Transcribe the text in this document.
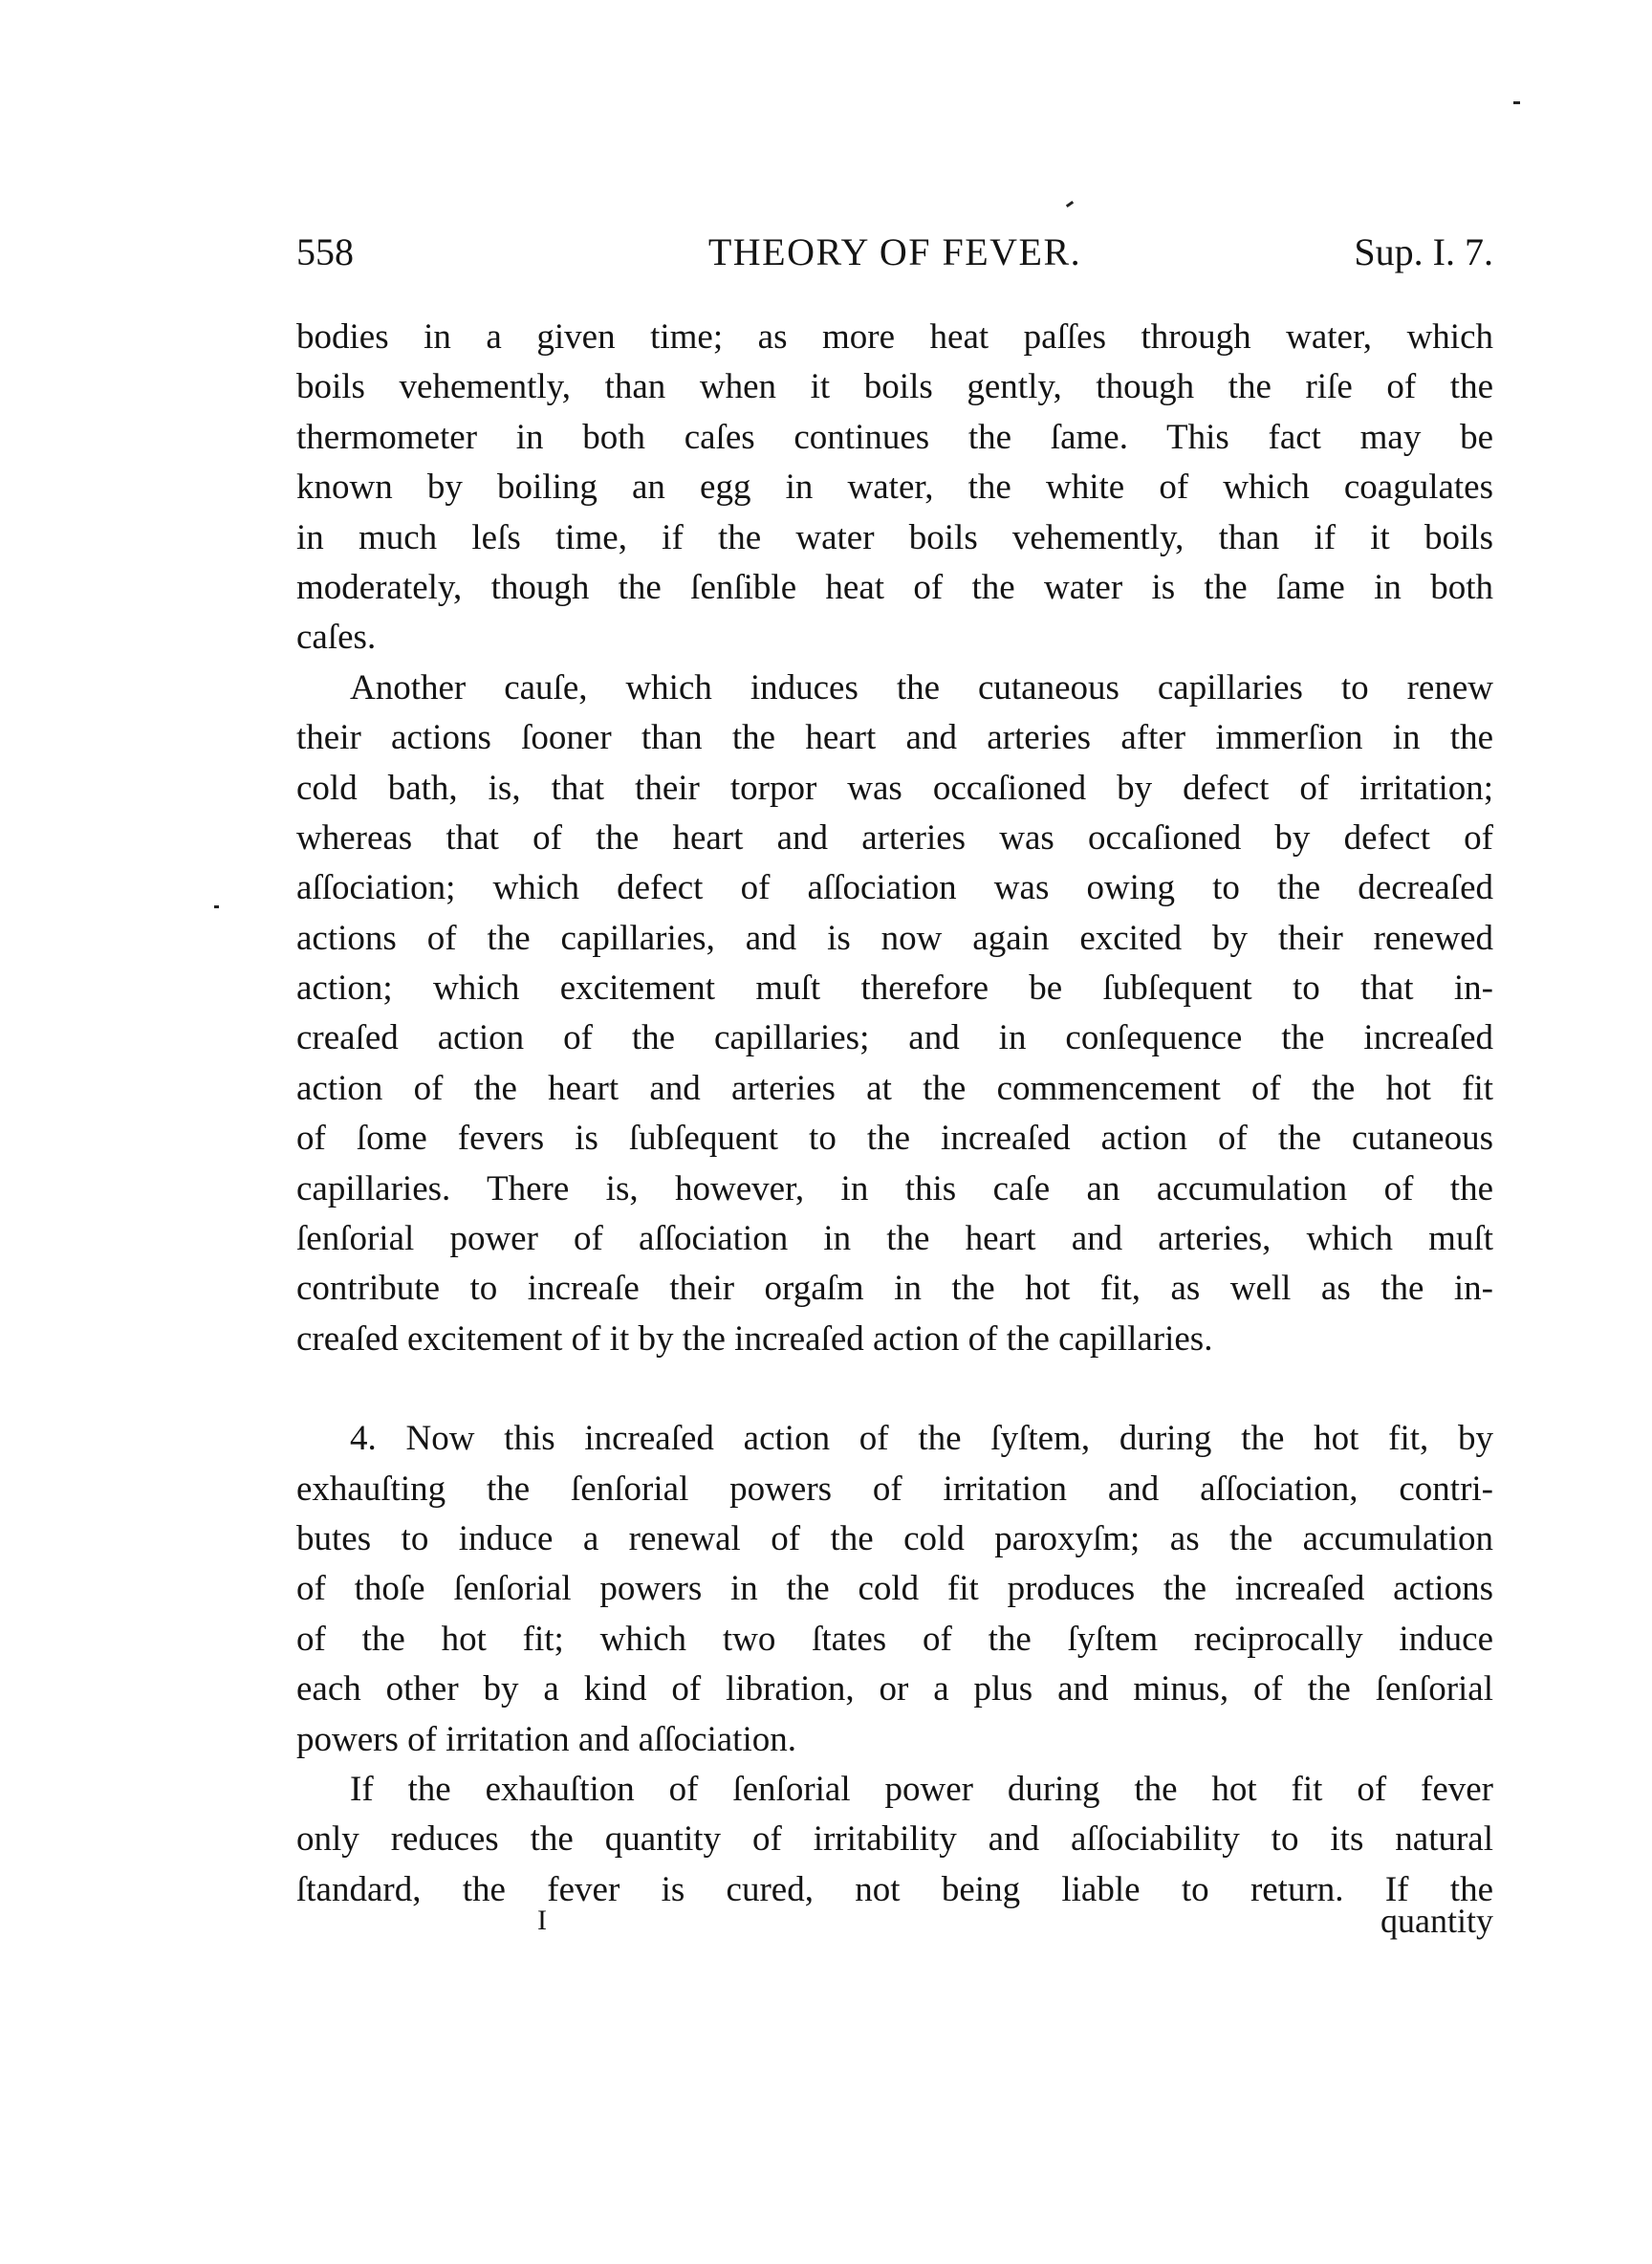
558	THEORY OF FEVER.	Sup. I. 7.
bodies in a given time; as more heat paſſes through water, which
boils vehemently, than when it boils gently, though the riſe of the
thermometer in both caſes continues the ſame. This fact may be
known by boiling an egg in water, the white of which coagulates
in much leſs time, if the water boils vehemently, than if it boils
moderately, though the ſenſible heat of the water is the ſame in both
caſes.
Another cauſe, which induces the cutaneous capillaries to renew
their actions ſooner than the heart and arteries after immerſion in the
cold bath, is, that their torpor was occaſioned by defect of irritation;
whereas that of the heart and arteries was occaſioned by defect of
aſſociation; which defect of aſſociation was owing to the decreaſed
actions of the capillaries, and is now again excited by their renewed
action; which excitement muſt therefore be ſubſequent to that in-
creaſed action of the capillaries; and in conſequence the increaſed
action of the heart and arteries at the commencement of the hot fit
of ſome fevers is ſubſequent to the increaſed action of the cutaneous
capillaries. There is, however, in this caſe an accumulation of the
ſenſorial power of aſſociation in the heart and arteries, which muſt
contribute to increaſe their orgaſm in the hot fit, as well as the in-
creaſed excitement of it by the increaſed action of the capillaries.
4. Now this increaſed action of the ſyſtem, during the hot fit, by
exhauſting the ſenſorial powers of irritation and aſſociation, contri-
butes to induce a renewal of the cold paroxyſm; as the accumulation
of thoſe ſenſorial powers in the cold fit produces the increaſed actions
of the hot fit; which two ſtates of the ſyſtem reciprocally induce
each other by a kind of libration, or a plus and minus, of the ſenſorial
powers of irritation and aſſociation.
If the exhauſtion of ſenſorial power during the hot fit of fever
only reduces the quantity of irritability and aſſociability to its natural
ſtandard, the fever is cured, not being liable to return. If the
I	quantity
